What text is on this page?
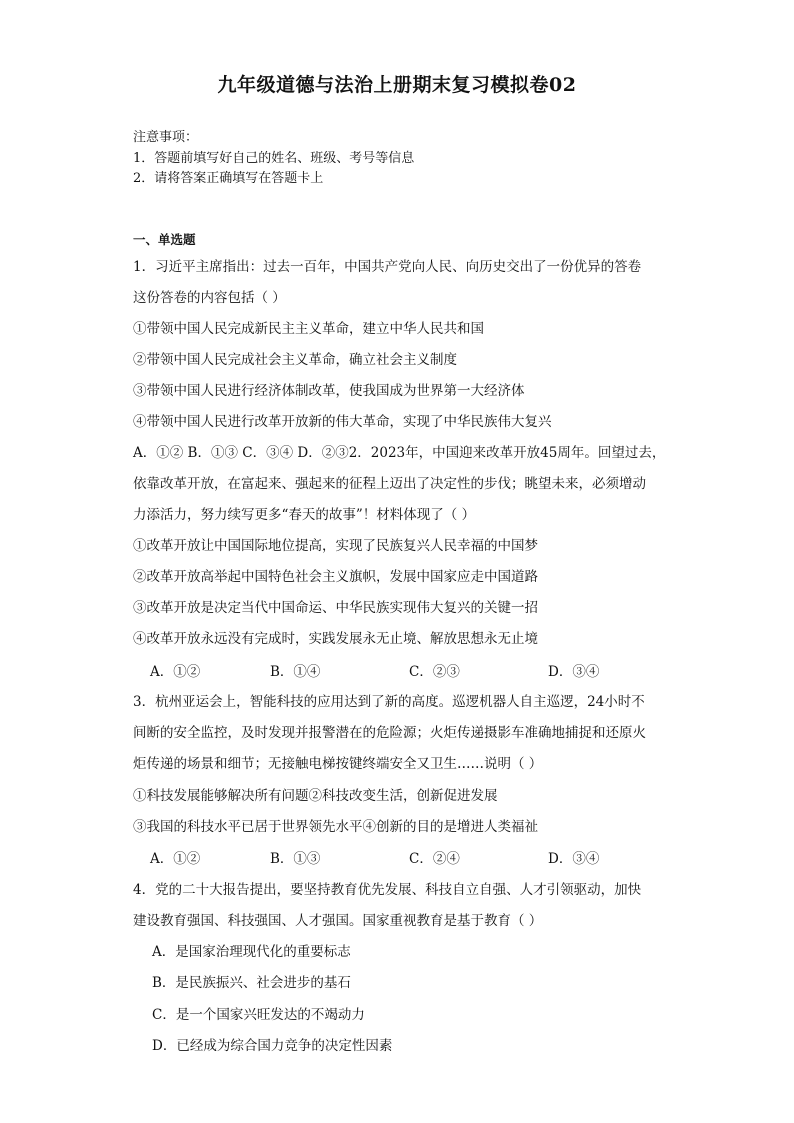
九年级道德与法治上册期末复习模拟卷02
注意事项：
1．答题前填写好自己的姓名、班级、考号等信息
2．请将答案正确填写在答题卡上
一、单选题
1．习近平主席指出：过去一百年，中国共产党向人民、向历史交出了一份优异的答卷
这份答卷的内容包括（ ）
①带领中国人民完成新民主主义革命，建立中华人民共和国
②带领中国人民完成社会主义革命，确立社会主义制度
③带领中国人民进行经济体制改革，使我国成为世界第一大经济体
④带领中国人民进行改革开放新的伟大革命，实现了中华民族伟大复兴
A．①② B．①③ C．③④ D．②③2．2023年，中国迎来改革开放45周年。回望过去，
依靠改革开放，在富起来、强起来的征程上迈出了决定性的步伐；眺望未来，必须增动
力添活力，努力续写更多“春天的故事”！材料体现了（ ）
①改革开放让中国国际地位提高，实现了民族复兴人民幸福的中国梦
②改革开放高举起中国特色社会主义旗帜，发展中国家应走中国道路
③改革开放是决定当代中国命运、中华民族实现伟大复兴的关键一招
④改革开放永远没有完成时，实践发展永无止境、解放思想永无止境
A．①②	B．①④	C．②③	D．③④
3．杭州亚运会上，智能科技的应用达到了新的高度。巡逻机器人自主巡逻，24小时不
间断的安全监控，及时发现并报警潜在的危险源；火炬传递摄影车准确地捕捉和还原火
炬传递的场景和细节；无接触电梯按键终端安全又卫生……说明（ ）
①科技发展能够解决所有问题②科技改变生活，创新促进发展
③我国的科技水平已居于世界领先水平④创新的目的是增进人类福祉
A．①②	B．①③	C．②④	D．③④
4．党的二十大报告提出，要坚持教育优先发展、科技自立自强、人才引领驱动，加快
建设教育强国、科技强国、人才强国。国家重视教育是基于教育（ ）
A．是国家治理现代化的重要标志
B．是民族振兴、社会进步的基石
C．是一个国家兴旺发达的不竭动力
D．已经成为综合国力竞争的决定性因素
